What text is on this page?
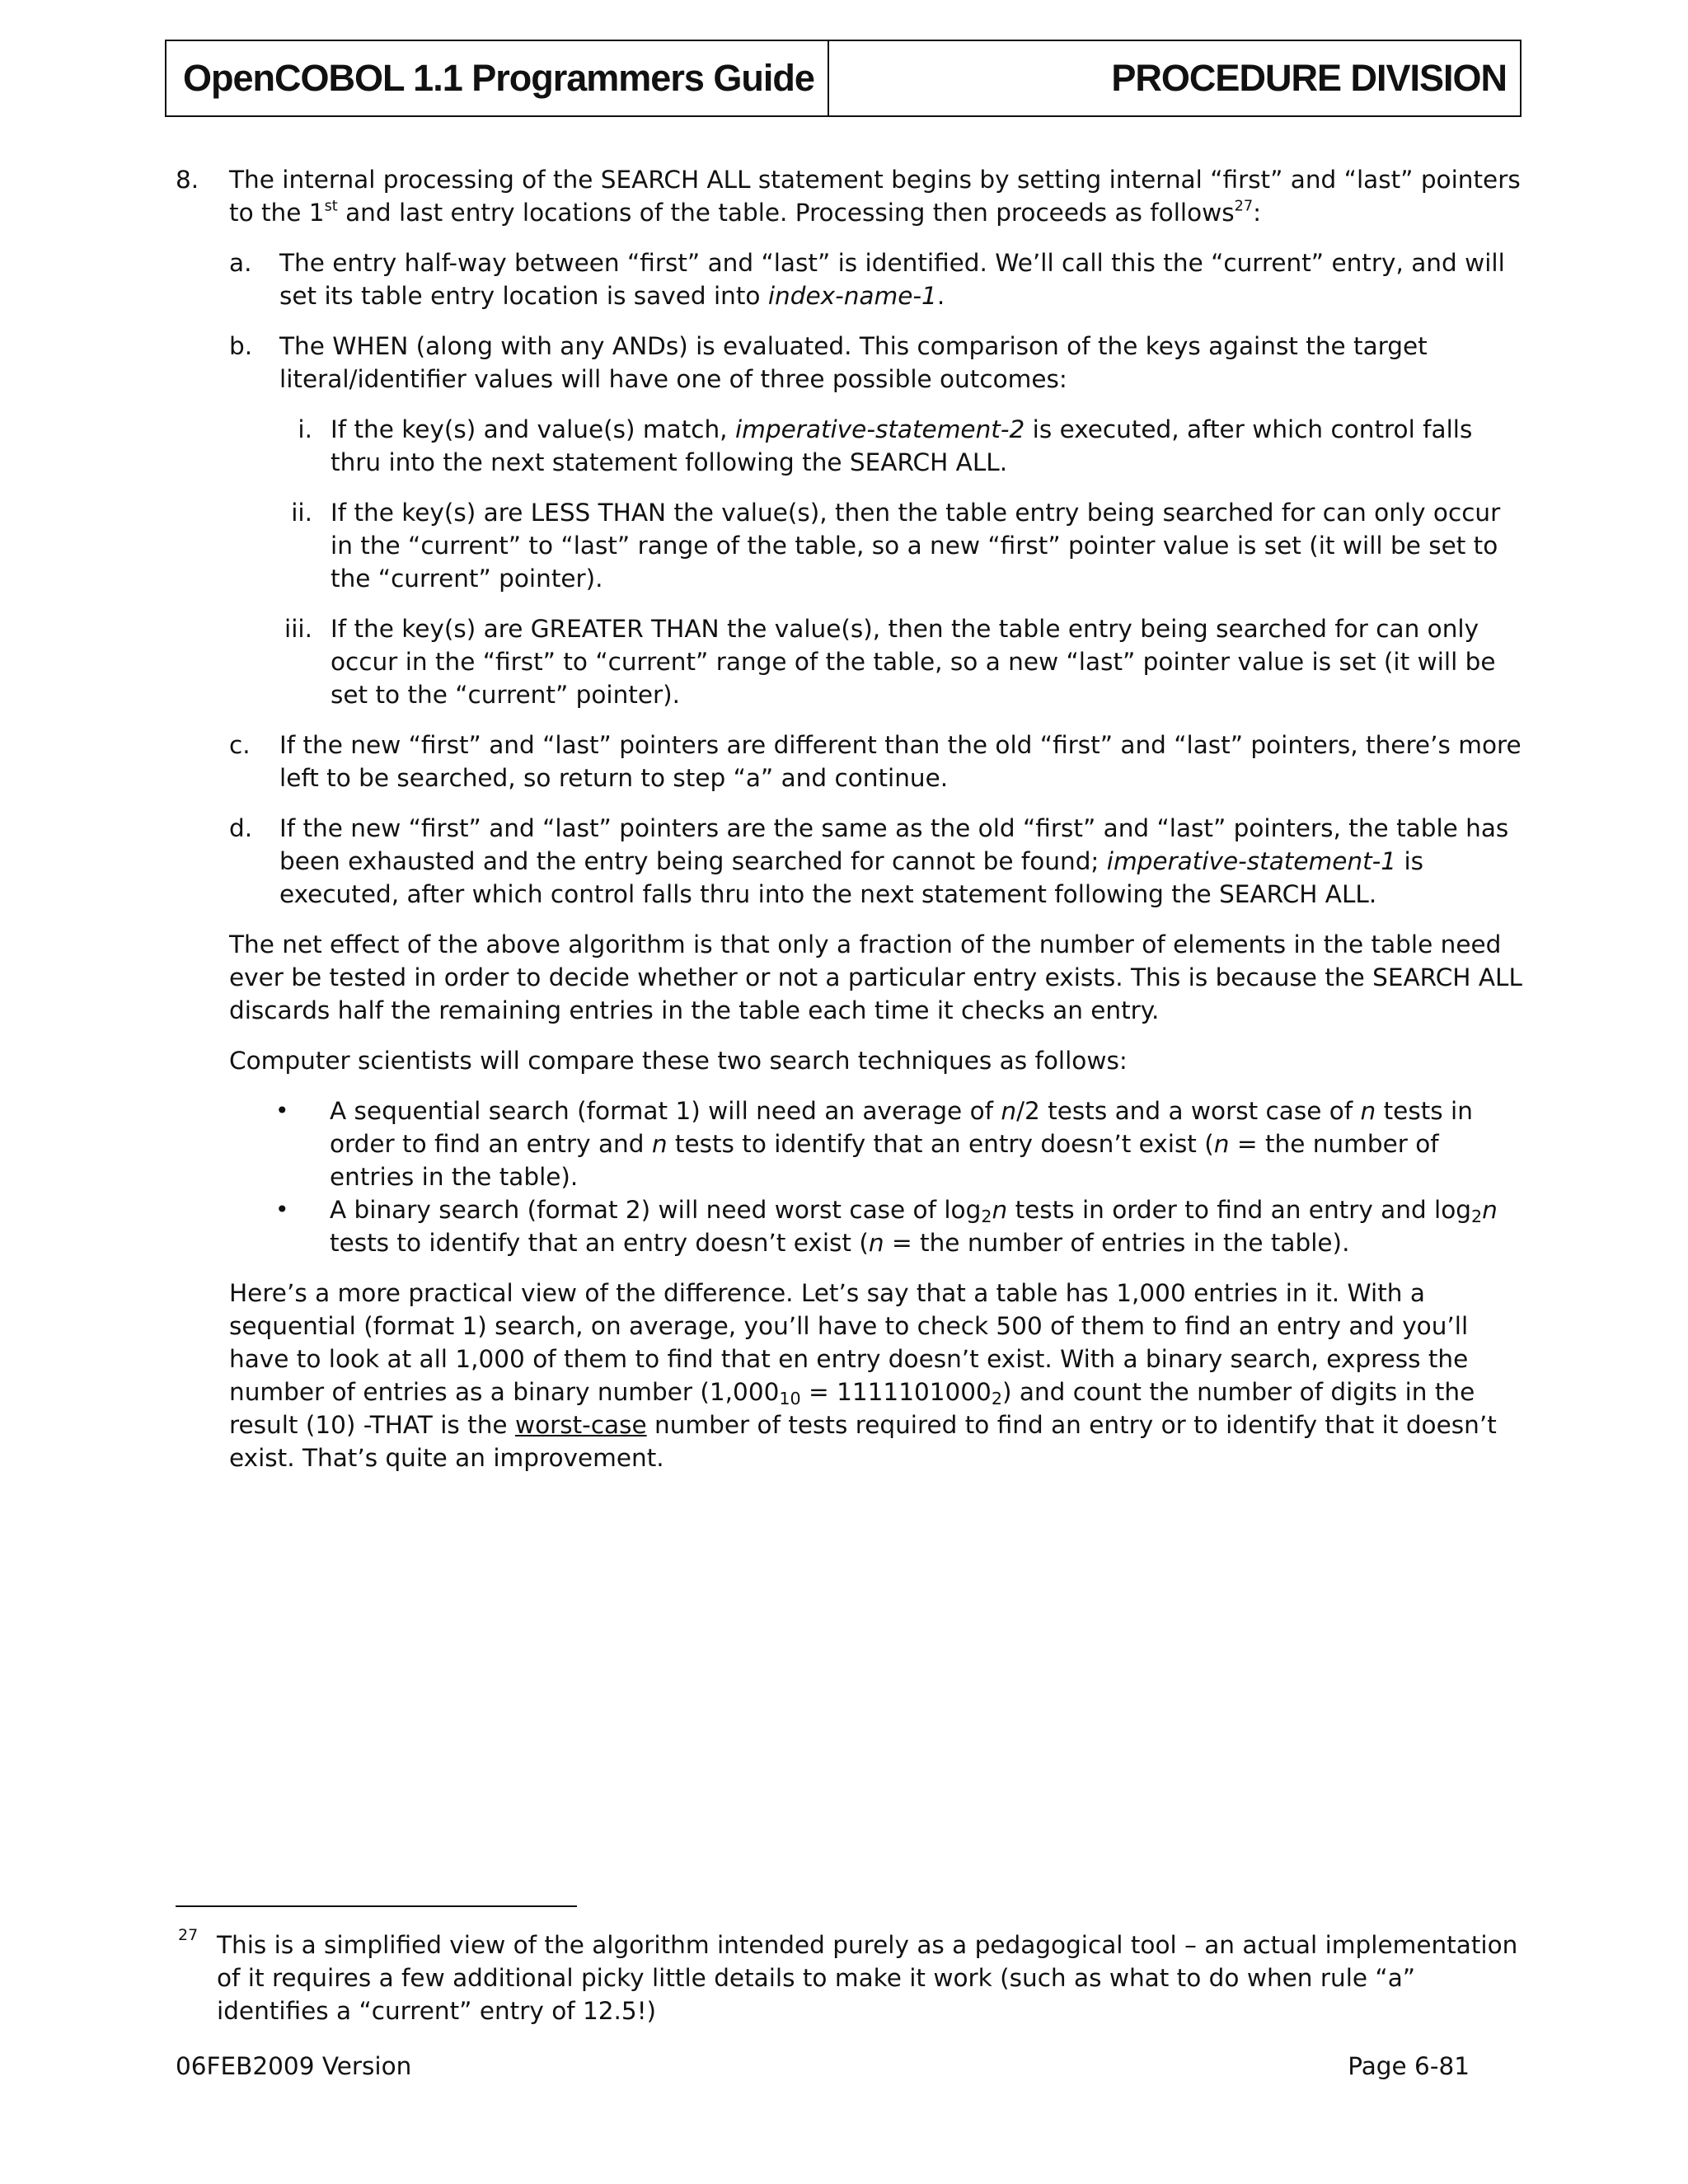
OpenCOBOL 1.1 Programmers Guide	PROCEDURE DIVISION
8. The internal processing of the SEARCH ALL statement begins by setting internal “first” and “last” pointers to the 1st and last entry locations of the table. Processing then proceeds as follows$^{27}$:
a. The entry half-way between “first” and “last” is identified. We’ll call this the “current” entry, and will set its table entry location is saved into index-name-1.
b. The WHEN (along with any ANDs) is evaluated. This comparison of the keys against the target literal/identifier values will have one of three possible outcomes:
i. If the key(s) and value(s) match, imperative-statement-2 is executed, after which control falls thru into the next statement following the SEARCH ALL.
ii. If the key(s) are LESS THAN the value(s), then the table entry being searched for can only occur in the “current” to “last” range of the table, so a new “first” pointer value is set (it will be set to the “current” pointer).
iii. If the key(s) are GREATER THAN the value(s), then the table entry being searched for can only occur in the “first” to “current” range of the table, so a new “last” pointer value is set (it will be set to the “current” pointer).
c. If the new “first” and “last” pointers are different than the old “first” and “last” pointers, there’s more left to be searched, so return to step “a” and continue.
d. If the new “first” and “last” pointers are the same as the old “first” and “last” pointers, the table has been exhausted and the entry being searched for cannot be found; imperative-statement-1 is executed, after which control falls thru into the next statement following the SEARCH ALL.
The net effect of the above algorithm is that only a fraction of the number of elements in the table need ever be tested in order to decide whether or not a particular entry exists. This is because the SEARCH ALL discards half the remaining entries in the table each time it checks an entry.
Computer scientists will compare these two search techniques as follows:
• A sequential search (format 1) will need an average of n/2 tests and a worst case of n tests in order to find an entry and n tests to identify that an entry doesn’t exist (n = the number of entries in the table).
• A binary search (format 2) will need worst case of $\log_2n$ tests in order to find an entry and $\log_2n$ tests to identify that an entry doesn’t exist (n = the number of entries in the table).
Here’s a more practical view of the difference. Let’s say that a table has 1,000 entries in it. With a sequential (format 1) search, on average, you’ll have to check 500 of them to find an entry and you’ll have to look at all 1,000 of them to find that en entry doesn’t exist. With a binary search, express the number of entries as a binary number $(1,000_{10} = 1111101000_2)$ and count the number of digits in the result (10) -THAT is the worst-case number of tests required to find an entry or to identify that it doesn’t exist. That’s quite an improvement.
27 This is a simplified view of the algorithm intended purely as a pedagogical tool – an actual implementation of it requires a few additional picky little details to make it work (such as what to do when rule “a” identifies a “current” entry of 12.5!)
06FEB2009 Version	Page 6-81
